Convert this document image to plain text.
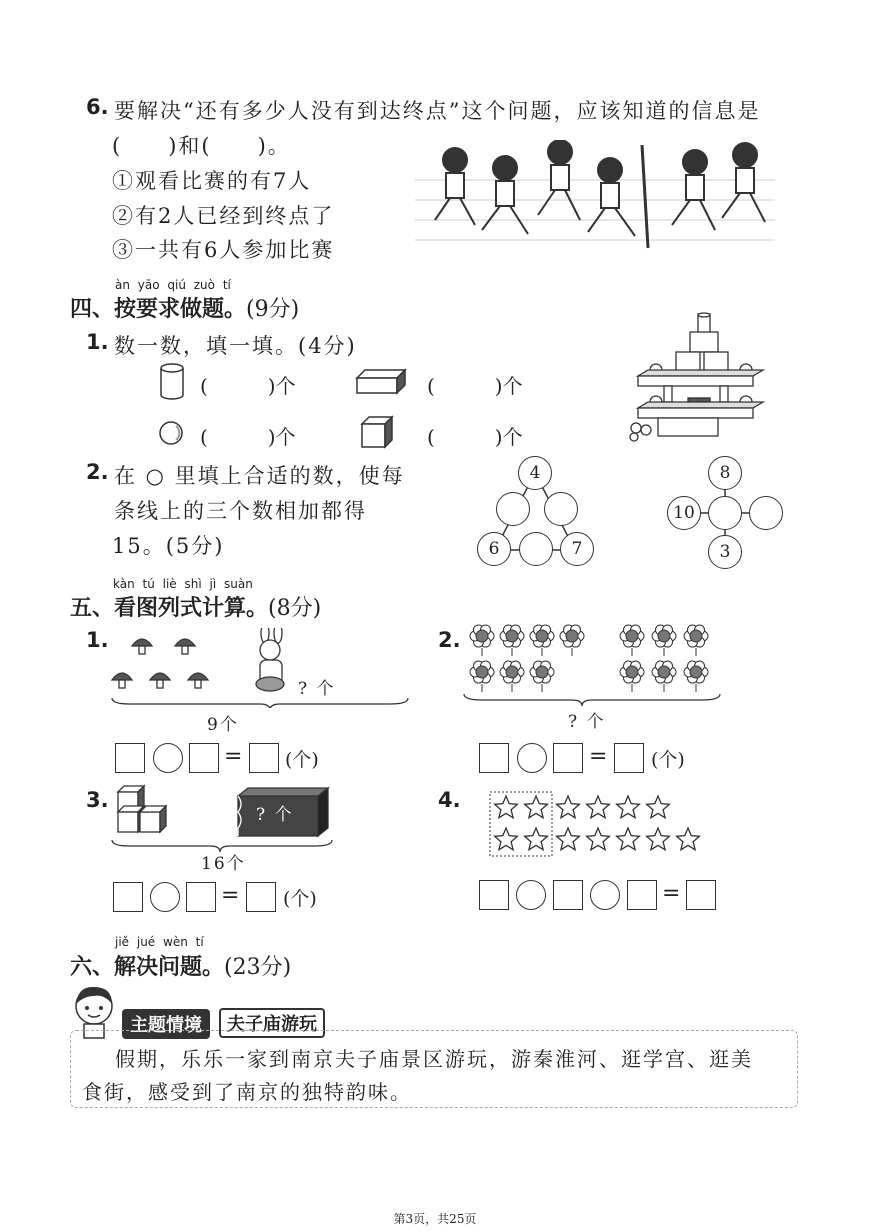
6. 要解决“还有多少人没有到达终点”这个问题，应该知道的信息是
(　　)和(　　)。
①观看比赛的有7人
②有2人已经到终点了
③一共有6人参加比赛
àn yāo qiú zuò tí
四、按要求做题。(9分)
1. 数一数，填一填。(4分)
(　　　)个	(　　　)个
(　　　)个	(　　　)个
2. 在 ○ 里填上合适的数，使每
条线上的三个数相加都得
15。(5分)
4
6	7
8
10
3
kàn tú liè shì jì suàn
五、看图列式计算。(8分)
1.
? 个
9个
= (个)
2.
? 个
= (个)
3.
? 个
16个
= (个)
4.
=
jiě jué wèn tí
六、解决问题。(23分)
主题情境	夫子庙游玩
假期，乐乐一家到南京夫子庙景区游玩，游秦淮河、逛学宫、逛美
食街，感受到了南京的独特韵味。
第3页，共25页
